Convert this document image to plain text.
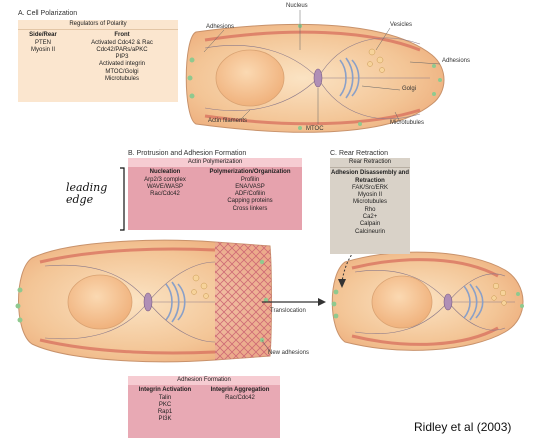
A. Cell Polarization
B. Protrusion and Adhesion Formation	C. Rear Retraction
Regulators of Polarity
Side/Rear
PTEN
Myosin II
Front
Activated Cdc42 & Rac
Cdc42/PARs/aPKC
PIP3
Activated integrin
MTOC/Golgi
Microtubules
Actin Polymerization
Nucleation
Arp2/3 complex
WAVE/WASP
Rac/Cdc42
Polymerization/Organization
Profilin
ENA/VASP
ADF/Cofilin
Capping proteins
Cross linkers
Rear Retraction
Adhesion Disassembly and Retraction
FAK/Src/ERK
Myosin II
Microtubules
Rho
Ca2+
Calpain
Calcineurin
Adhesion Formation
Integrin Activation
Talin
PKC
Rap1
PI3K
Integrin Aggregation
Rac/Cdc42
Nucleus
Adhesions	Vesicles
Adhesions
Golgi
Actin filaments
MTOC
Microtubules
Translocation
New adhesions
leading edge
Ridley et al (2003)
